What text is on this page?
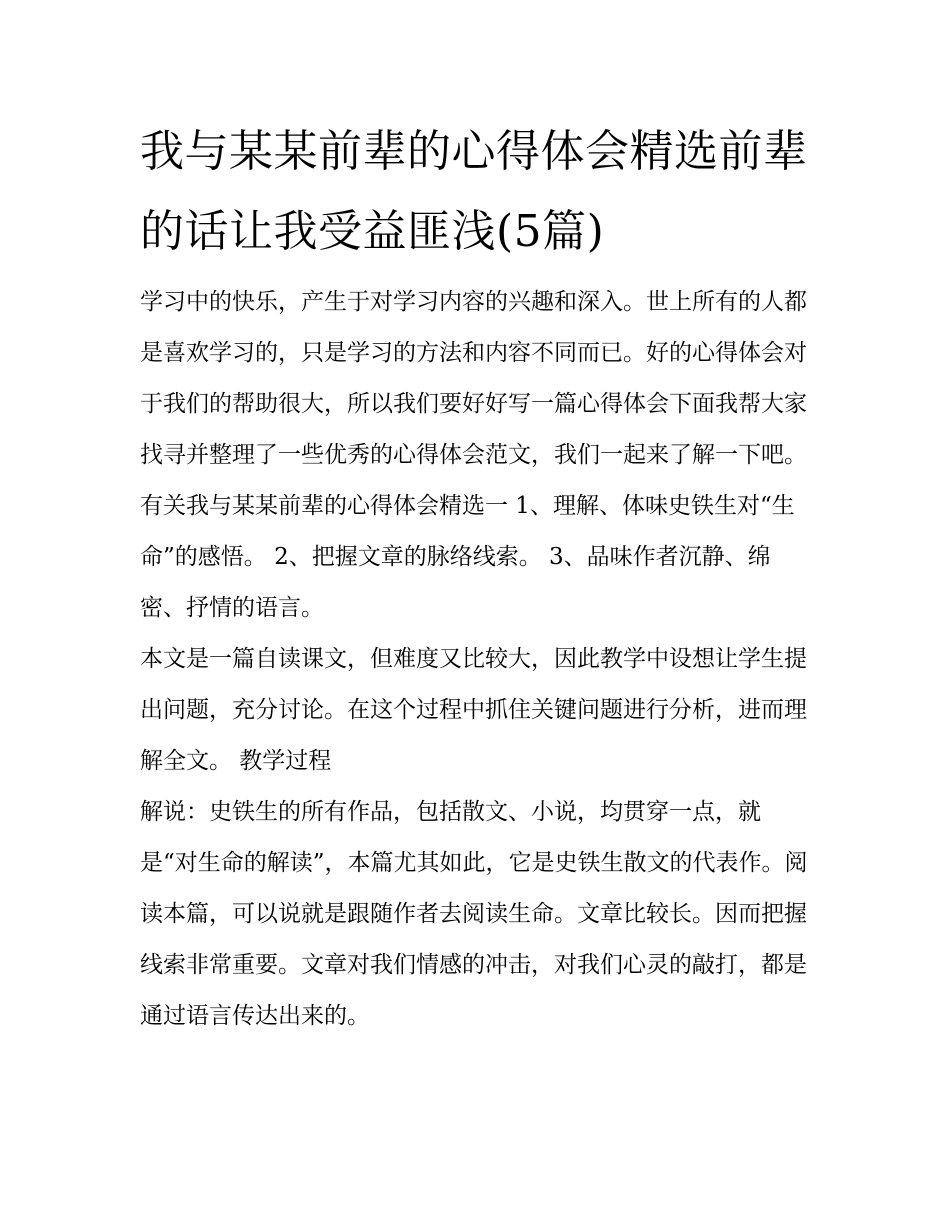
我与某某前辈的心得体会精选前辈的话让我受益匪浅(5篇)

学习中的快乐，产生于对学习内容的兴趣和深入。世上所有的人都是喜欢学习的，只是学习的方法和内容不同而已。好的心得体会对于我们的帮助很大，所以我们要好好写一篇心得体会下面我帮大家找寻并整理了一些优秀的心得体会范文，我们一起来了解一下吧。

有关我与某某前辈的心得体会精选一 1、理解、体味史铁生对“生命”的感悟。 2、把握文章的脉络线索。 3、品味作者沉静、绵密、抒情的语言。

本文是一篇自读课文，但难度又比较大，因此教学中设想让学生提出问题，充分讨论。在这个过程中抓住关键问题进行分析，进而理解全文。 教学过程

解说：史铁生的所有作品，包括散文、小说，均贯穿一点，就是“对生命的解读”，本篇尤其如此，它是史铁生散文的代表作。阅读本篇，可以说就是跟随作者去阅读生命。文章比较长。因而把握线索非常重要。文章对我们情感的冲击，对我们心灵的敲打，都是通过语言传达出来的。
